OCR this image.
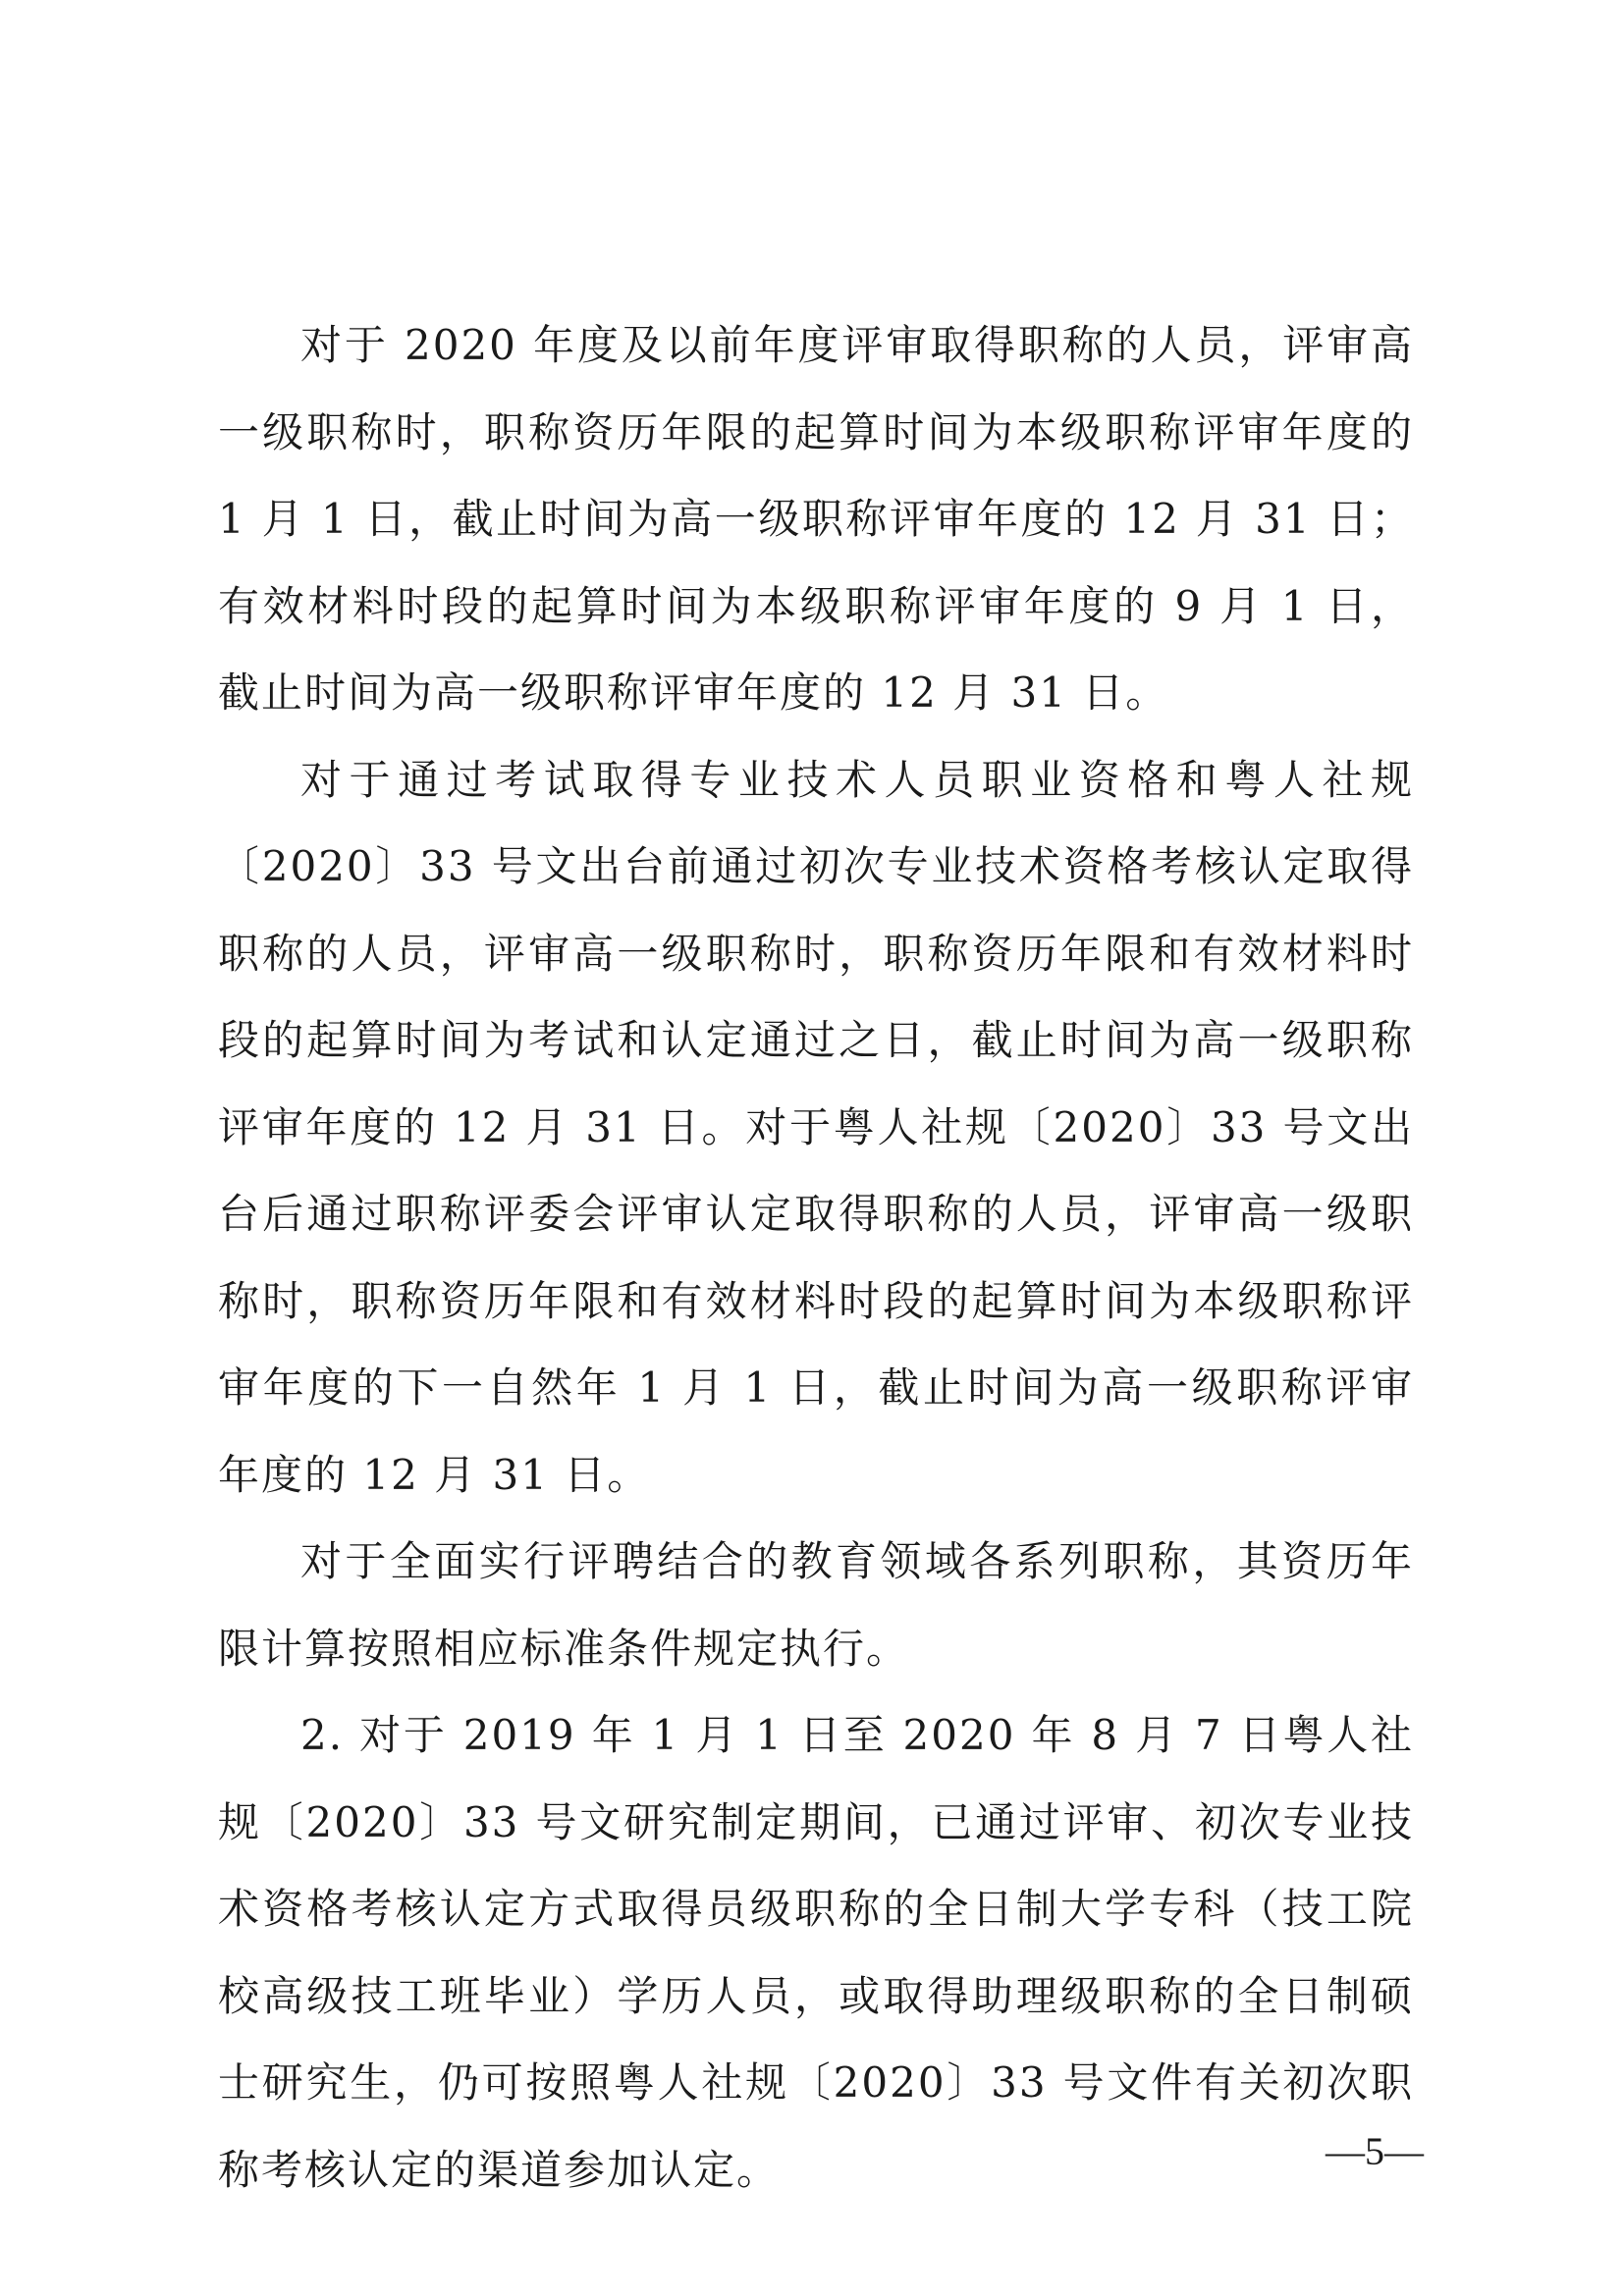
对于 2020 年度及以前年度评审取得职称的人员，评审高一级职称时，职称资历年限的起算时间为本级职称评审年度的 1 月 1 日，截止时间为高一级职称评审年度的 12 月 31 日；有效材料时段的起算时间为本级职称评审年度的 9 月 1 日，截止时间为高一级职称评审年度的 12 月 31 日。

对于通过考试取得专业技术人员职业资格和粤人社规〔2020〕33 号文出台前通过初次专业技术资格考核认定取得职称的人员，评审高一级职称时，职称资历年限和有效材料时段的起算时间为考试和认定通过之日，截止时间为高一级职称评审年度的 12 月 31 日。对于粤人社规〔2020〕33 号文出台后通过职称评委会评审认定取得职称的人员，评审高一级职称时，职称资历年限和有效材料时段的起算时间为本级职称评审年度的下一自然年 1 月 1 日，截止时间为高一级职称评审年度的 12 月 31 日。

对于全面实行评聘结合的教育领域各系列职称，其资历年限计算按照相应标准条件规定执行。

2. 对于 2019 年 1 月 1 日至 2020 年 8 月 7 日粤人社规〔2020〕33 号文研究制定期间，已通过评审、初次专业技术资格考核认定方式取得员级职称的全日制大学专科（技工院校高级技工班毕业）学历人员，或取得助理级职称的全日制硕士研究生，仍可按照粤人社规〔2020〕33 号文件有关初次职称考核认定的渠道参加认定。	—5—
